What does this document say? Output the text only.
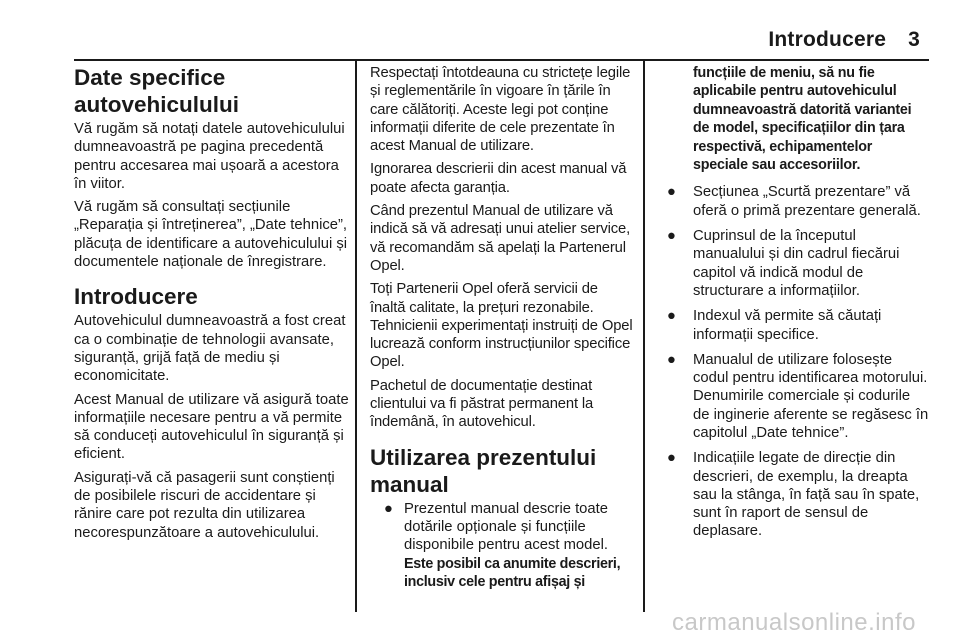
Introducere 3
Date specifice autovehiculului

Vă rugăm să notați datele autovehiculului dumneavoastră pe pagina precedentă pentru accesarea mai ușoară a acestora în viitor.

Vă rugăm să consultați secțiunile „Reparația și întreținerea”, „Date tehnice”, plăcuța de identificare a autovehiculului și documentele naționale de înregistrare.

Introducere

Autovehiculul dumneavoastră a fost creat ca o combinație de tehnologii avansate, siguranță, grijă față de mediu și economicitate.

Acest Manual de utilizare vă asigură toate informațiile necesare pentru a vă permite să conduceți autovehiculul în siguranță și eficient.

Asigurați-vă că pasagerii sunt conștienți de posibilele riscuri de accidentare și rănire care pot rezulta din utilizarea necorespunzătoare a autovehiculului.

Respectați întotdeauna cu strictețe legile și reglementările în vigoare în țările în care călătoriți. Aceste legi pot conține informații diferite de cele prezentate în acest Manual de utilizare.

Ignorarea descrierii din acest manual vă poate afecta garanția.

Când prezentul Manual de utilizare vă indică să vă adresați unui atelier service, vă recomandăm să apelați la Partenerul Opel.

Toți Partenerii Opel oferă servicii de înaltă calitate, la prețuri rezonabile. Tehnicienii experimentați instruiți de Opel lucrează conform instrucțiunilor specifice Opel.

Pachetul de documentație destinat clientului va fi păstrat permanent la îndemână, în autovehicul.

Utilizarea prezentului manual
● Prezentul manual descrie toate dotările opționale și funcțiile disponibile pentru acest model. Este posibil ca anumite descrieri, inclusiv cele pentru afișaj și
funcțiile de meniu, să nu fie aplicabile pentru autovehiculul dumneavoastră datorită variantei de model, specificațiilor din țara respectivă, echipamentelor speciale sau accesoriilor.
● Secțiunea „Scurtă prezentare” vă oferă o primă prezentare generală.
● Cuprinsul de la începutul manualului și din cadrul fiecărui capitol vă indică modul de structurare a informațiilor.
● Indexul vă permite să căutați informații specifice.
● Manualul de utilizare folosește codul pentru identificarea motorului. Denumirile comerciale și codurile de inginerie aferente se regăsesc în capitolul „Date tehnice”.
● Indicațiile legate de direcție din descrieri, de exemplu, la dreapta sau la stânga, în față sau în spate, sunt în raport de sensul de deplasare.
carmanualsonline.info
